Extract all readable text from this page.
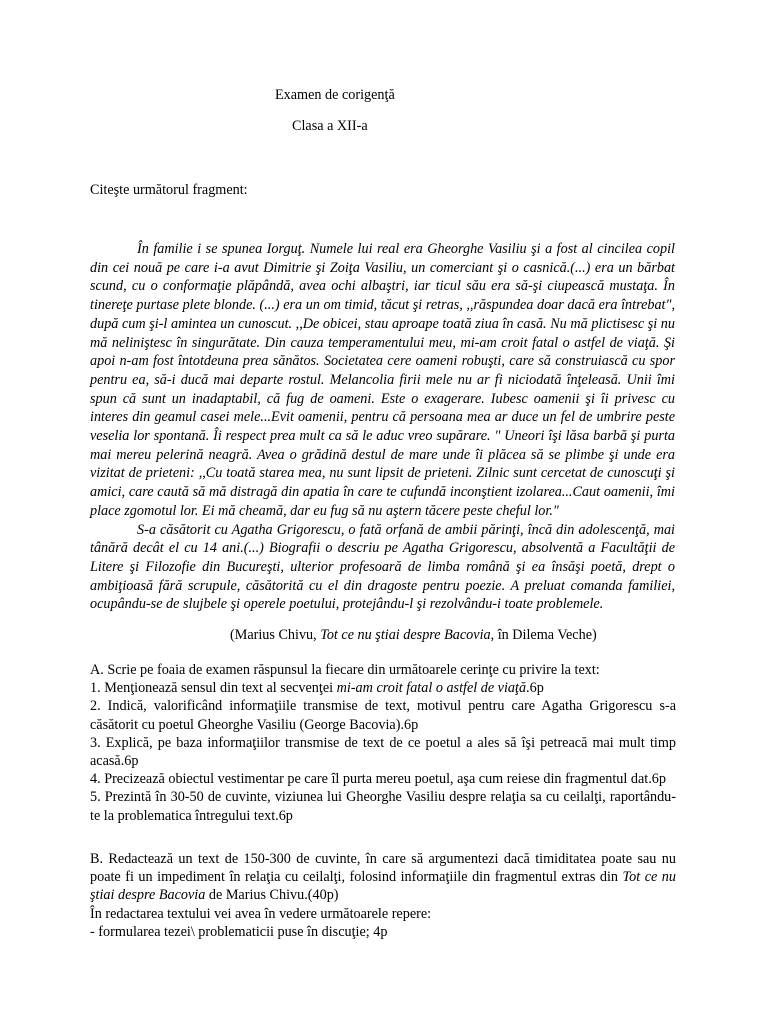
Examen de corigenţă
Clasa a XII-a
Citeşte următorul fragment:

În familie i se spunea Iorguţ. Numele lui real era Gheorghe Vasiliu şi a fost al cincilea copil din cei nouă pe care i-a avut Dimitrie şi Zoiţa Vasiliu, un comerciant şi o casnică.(...) era un bărbat scund, cu o conformaţie plăpândă, avea ochi albaştri, iar ticul său era să-şi ciupească mustaţa. În tinereţe purtase plete blonde. (...) era un om timid, tăcut şi retras, ,,răspundea doar dacă era întrebat", după cum şi-l amintea un cunoscut. ,,De obicei, stau aproape toată ziua în casă. Nu mă plictisesc şi nu mă neliniştesc în singurătate. Din cauza temperamentului meu, mi-am croit fatal o astfel de viaţă. Şi apoi n-am fost întotdeuna prea sănătos. Societatea cere oameni robuşti, care să construiască cu spor pentru ea, să-i ducă mai departe rostul. Melancolia firii mele nu ar fi niciodată înţeleasă. Unii îmi spun că sunt un inadaptabil, că fug de oameni. Este o exagerare. Iubesc oamenii şi îi privesc cu interes din geamul casei mele...Evit oamenii, pentru că persoana mea ar duce un fel de umbrire peste veselia lor spontană. Îi respect prea mult ca să le aduc vreo supărare. " Uneori îşi lăsa barbă şi purta mai mereu pelerină neagră. Avea o grădină destul de mare unde îi plăcea să se plimbe şi unde era vizitat de prieteni: ,,Cu toată starea mea, nu sunt lipsit de prieteni. Zilnic sunt cercetat de cunoscuţi şi amici, care caută să mă distragă din apatia în care te cufundă inconştient izolarea...Caut oamenii, îmi place zgomotul lor. Ei mă cheamă, dar eu fug să nu aştern tăcere peste cheful lor."

S-a căsătorit cu Agatha Grigorescu, o fată orfană de ambii părinţi, încă din adolescenţă, mai tânără decât el cu 14 ani.(...) Biografii o descriu pe Agatha Grigorescu, absolventă a Facultăţii de Litere şi Filozofie din Bucureşti, ulterior profesoară de limba română şi ea însăşi poetă, drept o ambiţioasă fără scrupule, căsătorită cu el din dragoste pentru poezie. A preluat comanda familiei, ocupându-se de slujbele şi operele poetului, protejându-l şi rezolvându-i toate problemele.

(Marius Chivu, Tot ce nu ştiai despre Bacovia, în Dilema Veche)
A. Scrie pe foaia de examen răspunsul la fiecare din următoarele cerinţe cu privire la text:
1. Menţionează sensul din text al secvenţei mi-am croit fatal o astfel de viaţă.6p
2. Indică, valorificând informaţiile transmise de text, motivul pentru care Agatha Grigorescu s-a căsătorit cu poetul Gheorghe Vasiliu (George Bacovia).6p
3. Explică, pe baza informaţiilor transmise de text de ce poetul a ales să îşi petreacă mai mult timp acasă.6p
4. Precizează obiectul vestimentar pe care îl purta mereu poetul, aşa cum reiese din fragmentul dat.6p
5. Prezintă în 30-50 de cuvinte, viziunea lui Gheorghe Vasiliu despre relaţia sa cu ceilalţi, raportându-te la problematica întregului text.6p
B. Redactează un text de 150-300 de cuvinte, în care să argumentezi dacă timiditatea poate sau nu poate fi un impediment în relaţia cu ceilalţi, folosind informaţiile din fragmentul extras din Tot ce nu ştiai despre Bacovia de Marius Chivu.(40p)
În redactarea textului vei avea în vedere următoarele repere:
- formularea tezei\ problematicii puse în discuţie; 4p
